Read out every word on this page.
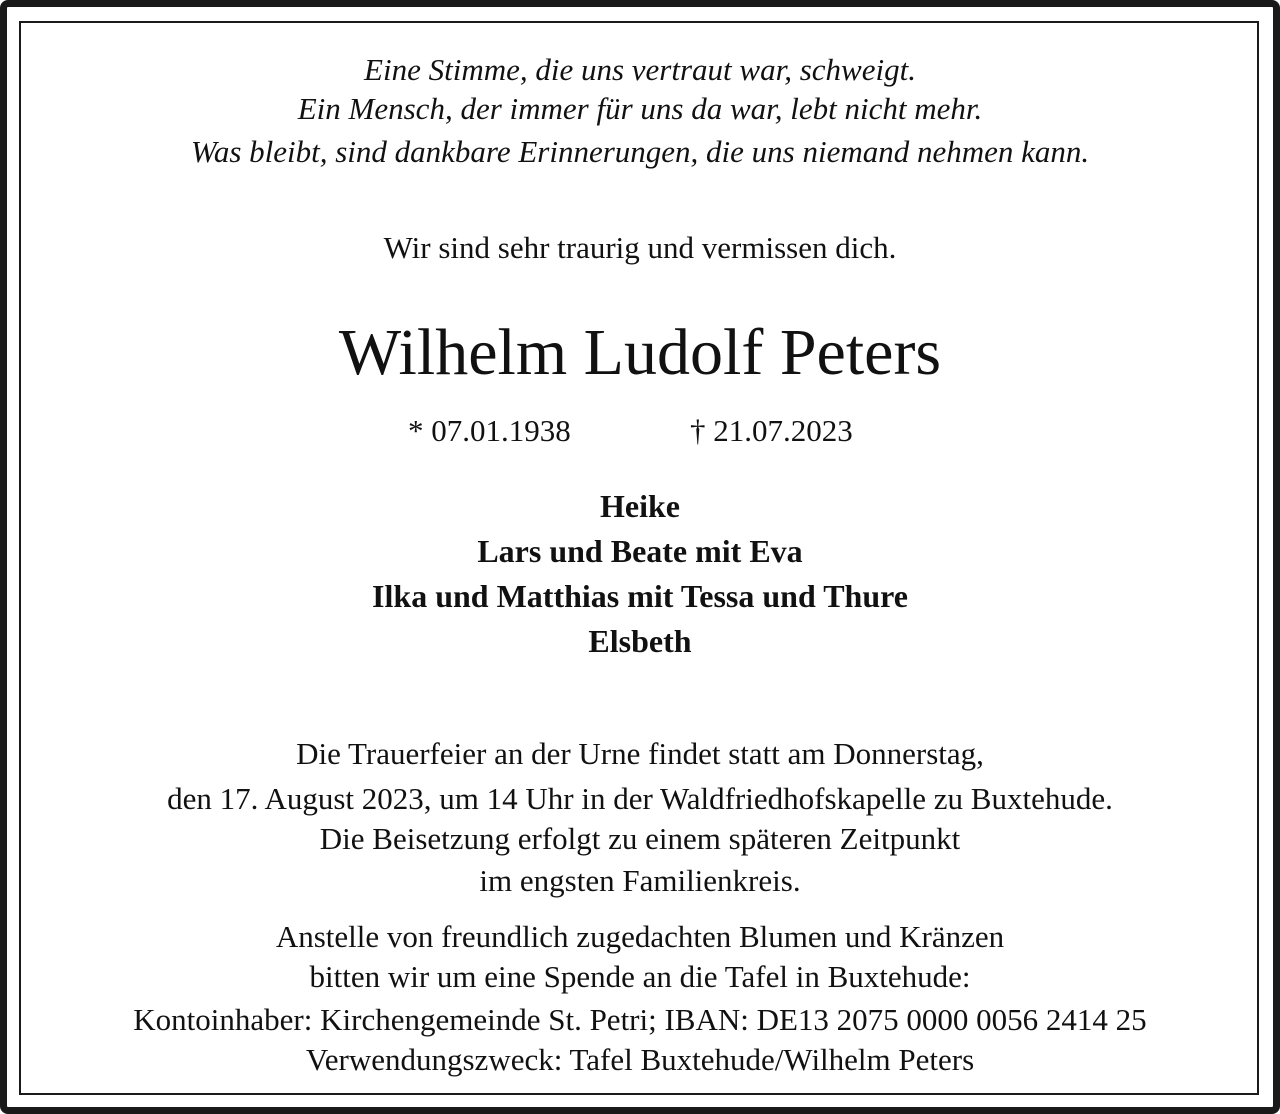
Eine Stimme, die uns vertraut war, schweigt.
Ein Mensch, der immer für uns da war, lebt nicht mehr.
Was bleibt, sind dankbare Erinnerungen, die uns niemand nehmen kann.
Wir sind sehr traurig und vermissen dich.
Wilhelm Ludolf Peters
* 07.01.1938	† 21.07.2023
Heike
Lars und Beate mit Eva
Ilka und Matthias mit Tessa und Thure
Elsbeth
Die Trauerfeier an der Urne findet statt am Donnerstag,
den 17. August 2023, um 14 Uhr in der Waldfriedhofskapelle zu Buxtehude.
Die Beisetzung erfolgt zu einem späteren Zeitpunkt
im engsten Familienkreis.
Anstelle von freundlich zugedachten Blumen und Kränzen
bitten wir um eine Spende an die Tafel in Buxtehude:
Kontoinhaber: Kirchengemeinde St. Petri; IBAN: DE13 2075 0000 0056 2414 25
Verwendungszweck: Tafel Buxtehude/Wilhelm Peters
